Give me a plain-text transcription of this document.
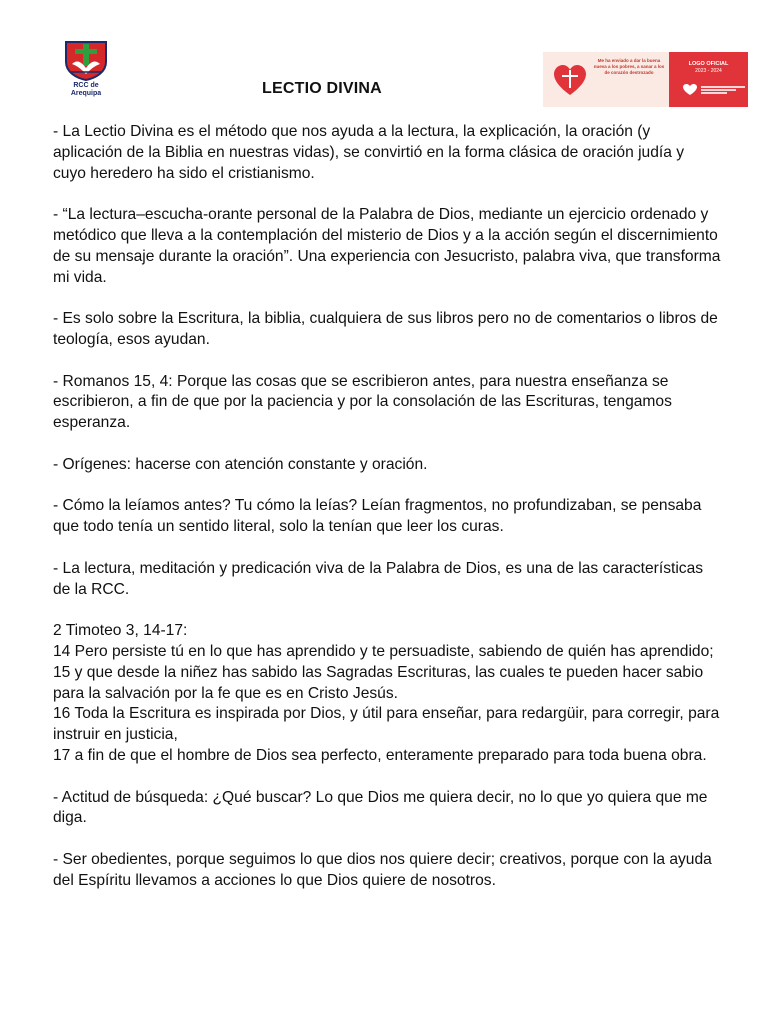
RCC de
Arequipa	LECTIO DIVINA
Me ha enviado a dar la buena nueva a los pobres, a sanar a los de corazón destrozado
LOGO OFICIAL
2023 - 2024

- La Lectio Divina es el método que nos ayuda a la lectura, la explicación, la oración (y aplicación de la Biblia en nuestras vidas), se convirtió en la forma clásica de oración judía y cuyo heredero ha sido el cristianismo.

- “La lectura–escucha-orante personal de la Palabra de Dios, mediante un ejercicio ordenado y metódico que lleva a la contemplación del misterio de Dios y a la acción según el discernimiento de su mensaje durante la oración”. Una experiencia con Jesucristo, palabra viva, que transforma mi vida.

- Es solo sobre la Escritura, la biblia, cualquiera de sus libros pero no de comentarios o libros de teología, esos ayudan.

- Romanos 15, 4: Porque las cosas que se escribieron antes, para nuestra enseñanza se escribieron, a fin de que por la paciencia y por la consolación de las Escrituras, tengamos esperanza.

- Orígenes: hacerse con atención constante y oración.

- Cómo la leíamos antes? Tu cómo la leías? Leían fragmentos, no profundizaban, se pensaba que todo tenía un sentido literal, solo la tenían que leer los curas.

- La lectura, meditación y predicación viva de la Palabra de Dios, es una de las características de la RCC.

2 Timoteo 3, 14-17:

14 Pero persiste tú en lo que has aprendido y te persuadiste, sabiendo de quién has aprendido;

15 y que desde la niñez has sabido las Sagradas Escrituras, las cuales te pueden hacer sabio para la salvación por la fe que es en Cristo Jesús.

16 Toda la Escritura es inspirada por Dios, y útil para enseñar, para redargüir, para corregir, para instruir en justicia,

17 a fin de que el hombre de Dios sea perfecto, enteramente preparado para toda buena obra.

- Actitud de búsqueda: ¿Qué buscar? Lo que Dios me quiera decir, no lo que yo quiera que me diga.

- Ser obedientes, porque seguimos lo que dios nos quiere decir; creativos, porque con la ayuda del Espíritu llevamos a acciones lo que Dios quiere de nosotros.
